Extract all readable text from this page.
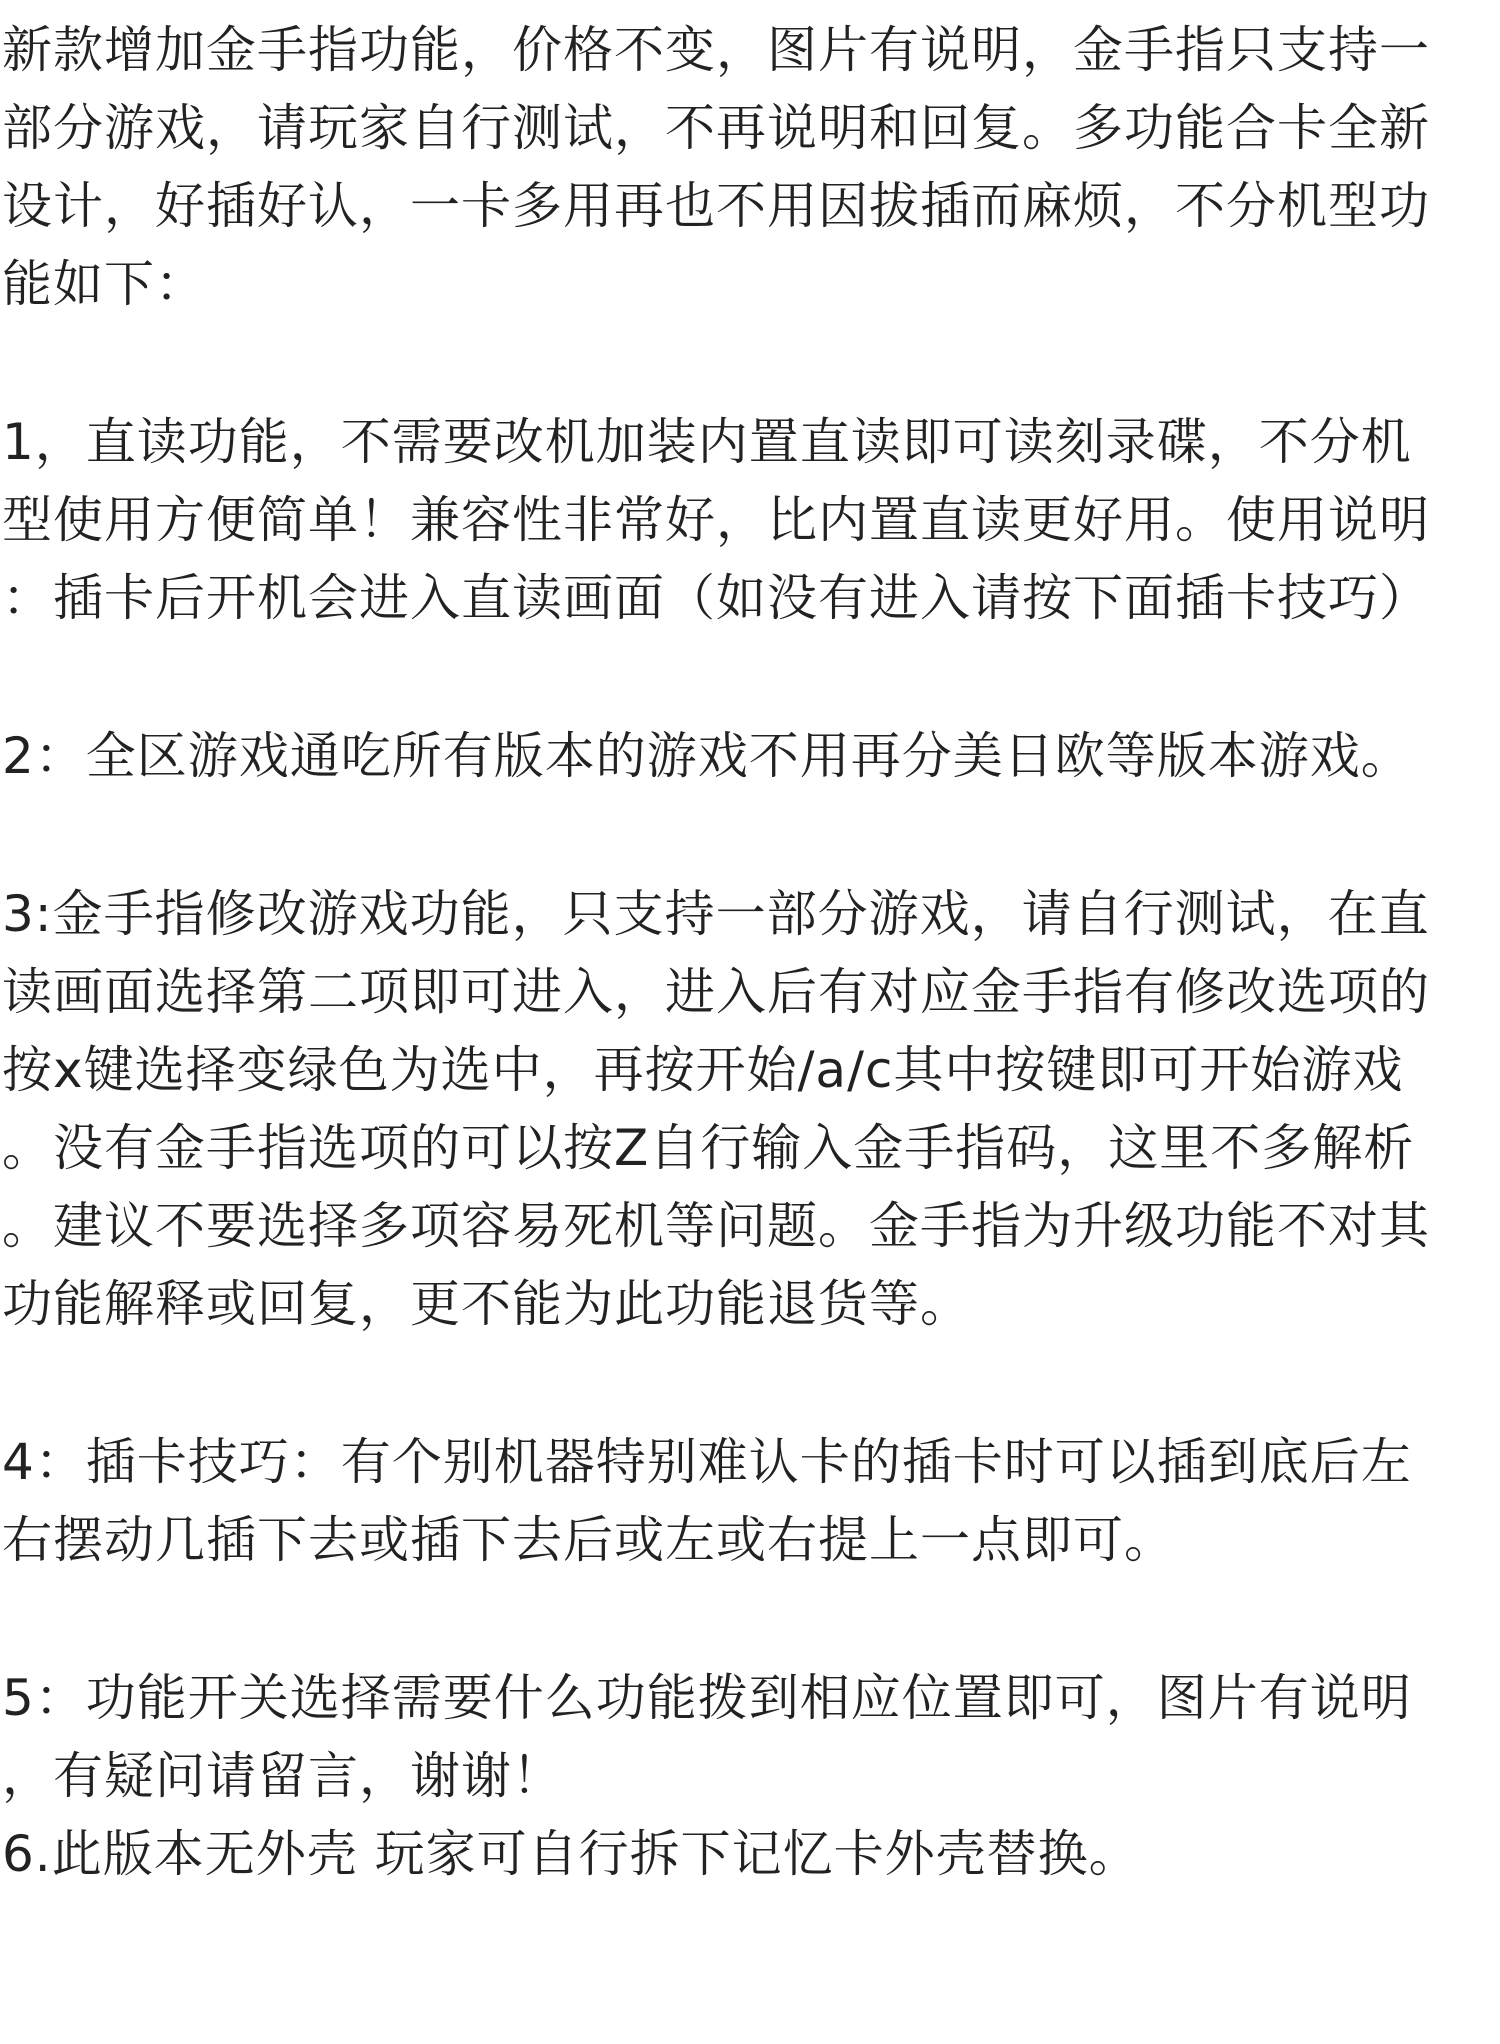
新款增加金手指功能，价格不变，图片有说明，金手指只支持一
部分游戏，请玩家自行测试，不再说明和回复。多功能合卡全新
设计，好插好认，一卡多用再也不用因拔插而麻烦，不分机型功
能如下：
1，直读功能，不需要改机加装内置直读即可读刻录碟，不分机
型使用方便简单！兼容性非常好，比内置直读更好用。使用说明
：插卡后开机会进入直读画面（如没有进入请按下面插卡技巧）
2：全区游戏通吃所有版本的游戏不用再分美日欧等版本游戏。
3:金手指修改游戏功能，只支持一部分游戏，请自行测试，在直
读画面选择第二项即可进入，进入后有对应金手指有修改选项的
按x键选择变绿色为选中，再按开始/a/c其中按键即可开始游戏
。没有金手指选项的可以按Z自行输入金手指码，这里不多解析
。建议不要选择多项容易死机等问题。金手指为升级功能不对其
功能解释或回复，更不能为此功能退货等。
4：插卡技巧：有个别机器特别难认卡的插卡时可以插到底后左
右摆动几插下去或插下去后或左或右提上一点即可。
5：功能开关选择需要什么功能拨到相应位置即可，图片有说明
，有疑问请留言，谢谢！
6.此版本无外壳 玩家可自行拆下记忆卡外壳替换。
